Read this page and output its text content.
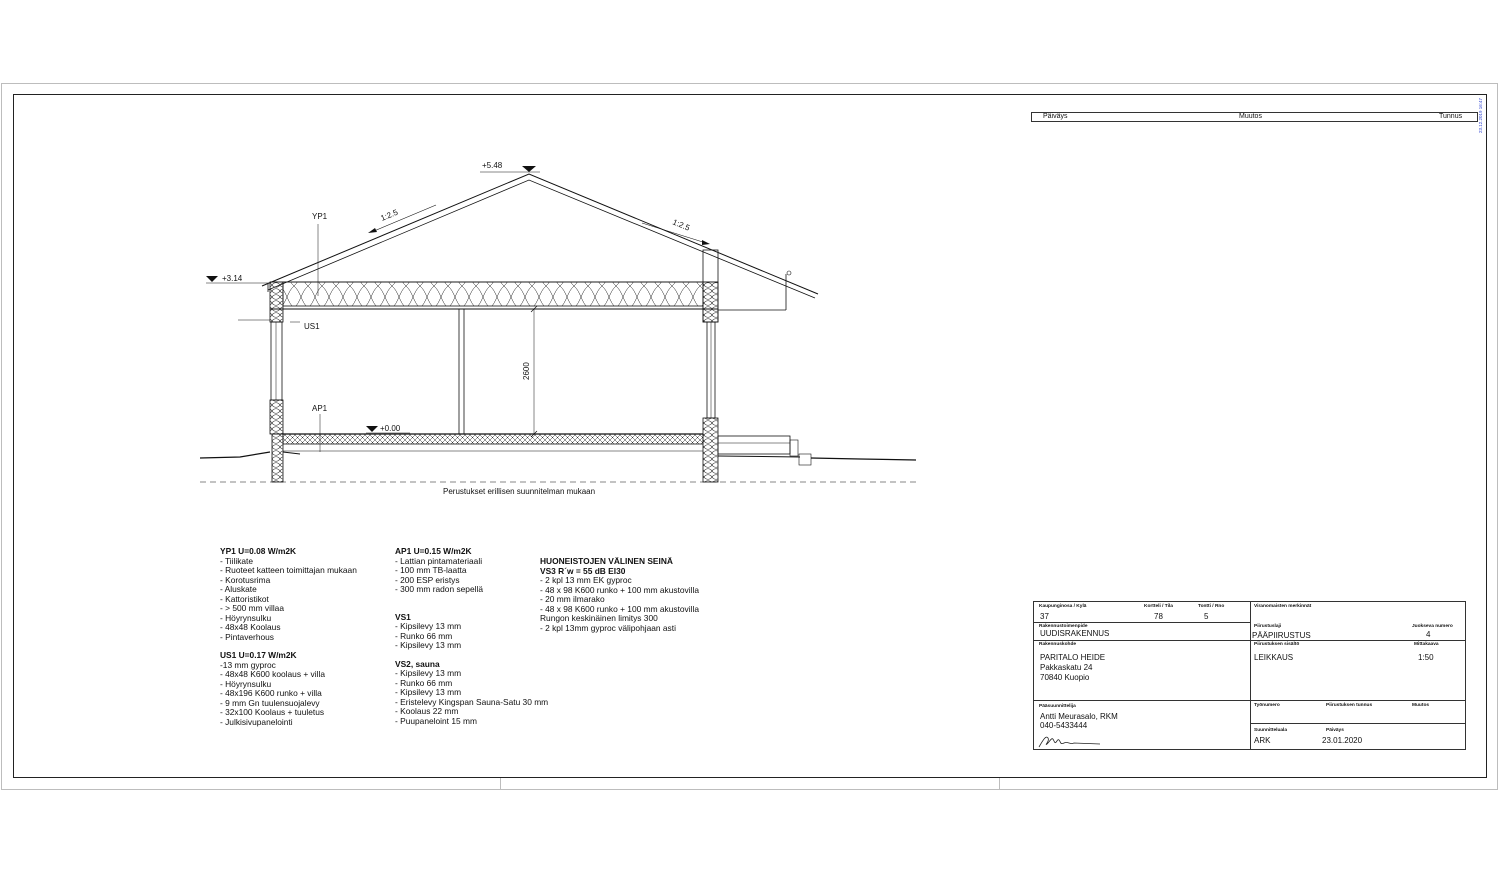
+5.48
+3.14
+0.00
1:2.5
1:2.5
YP1
US1
AP1
2600
Perustukset erillisen suunnitelman mukaan
YP1 U=0.08 W/m2K
- Tiilikate
- Ruoteet katteen toimittajan mukaan
- Korotusrima
- Aluskate
- Kattoristikot
- > 500 mm villaa
- Höyrynsulku
- 48x48 Koolaus
- Pintaverhous
US1 U=0.17 W/m2K
-13 mm gyproc
- 48x48 K600 koolaus + villa
- Höyrynsulku
- 48x196 K600 runko + villa
- 9 mm Gn tuulensuojalevy
- 32x100 Koolaus + tuuletus
- Julkisivupanelointi
AP1 U=0.15 W/m2K
- Lattian pintamateriaali
- 100 mm TB-laatta
- 200 ESP eristys
- 300 mm radon sepellä
VS1
- Kipsilevy 13 mm
- Runko 66 mm
- Kipsilevy 13 mm
VS2, sauna
- Kipsilevy 13 mm
- Runko 66 mm
- Kipsilevy 13 mm
- Eristelevy Kingspan Sauna-Satu 30 mm
- Koolaus 22 mm
- Puupaneloint 15 mm
HUONEISTOJEN VÄLINEN SEINÄ
VS3 R´w = 55 dB EI30
- 2 kpl 13 mm EK gyproc
- 48 x 98 K600 runko + 100 mm akustovilla
- 20 mm ilmarako
- 48 x 98 K600 runko + 100 mm akustovilla
Rungon keskinäinen limitys 300
- 2 kpl 13mm gyproc välipohjaan asti
Päiväys	Muutos	Tunnus	23.12.2019 16:47
Kaupunginosa / Kylä
37
Kortteli / Tila
78
Tontti / Rno
5
Viranomaisten merkinnät
Rakennustoimenpide
UUDISRAKENNUS
Piirustuslaji
PÄÄPIIRUSTUS
Juokseva numero
4
Rakennuskohde
PARITALO HEIDE
Pakkaskatu 24
70840 Kuopio
Piirustuksen sisältö
LEIKKAUS
Mittakaava
1:50
Pääsuunnittelija
Antti Meurasalo, RKM
040-5433444
Työnumero	Piirustuksen tunnus	Muutos
Suunnitteluala
ARK
Päiväys
23.01.2020
